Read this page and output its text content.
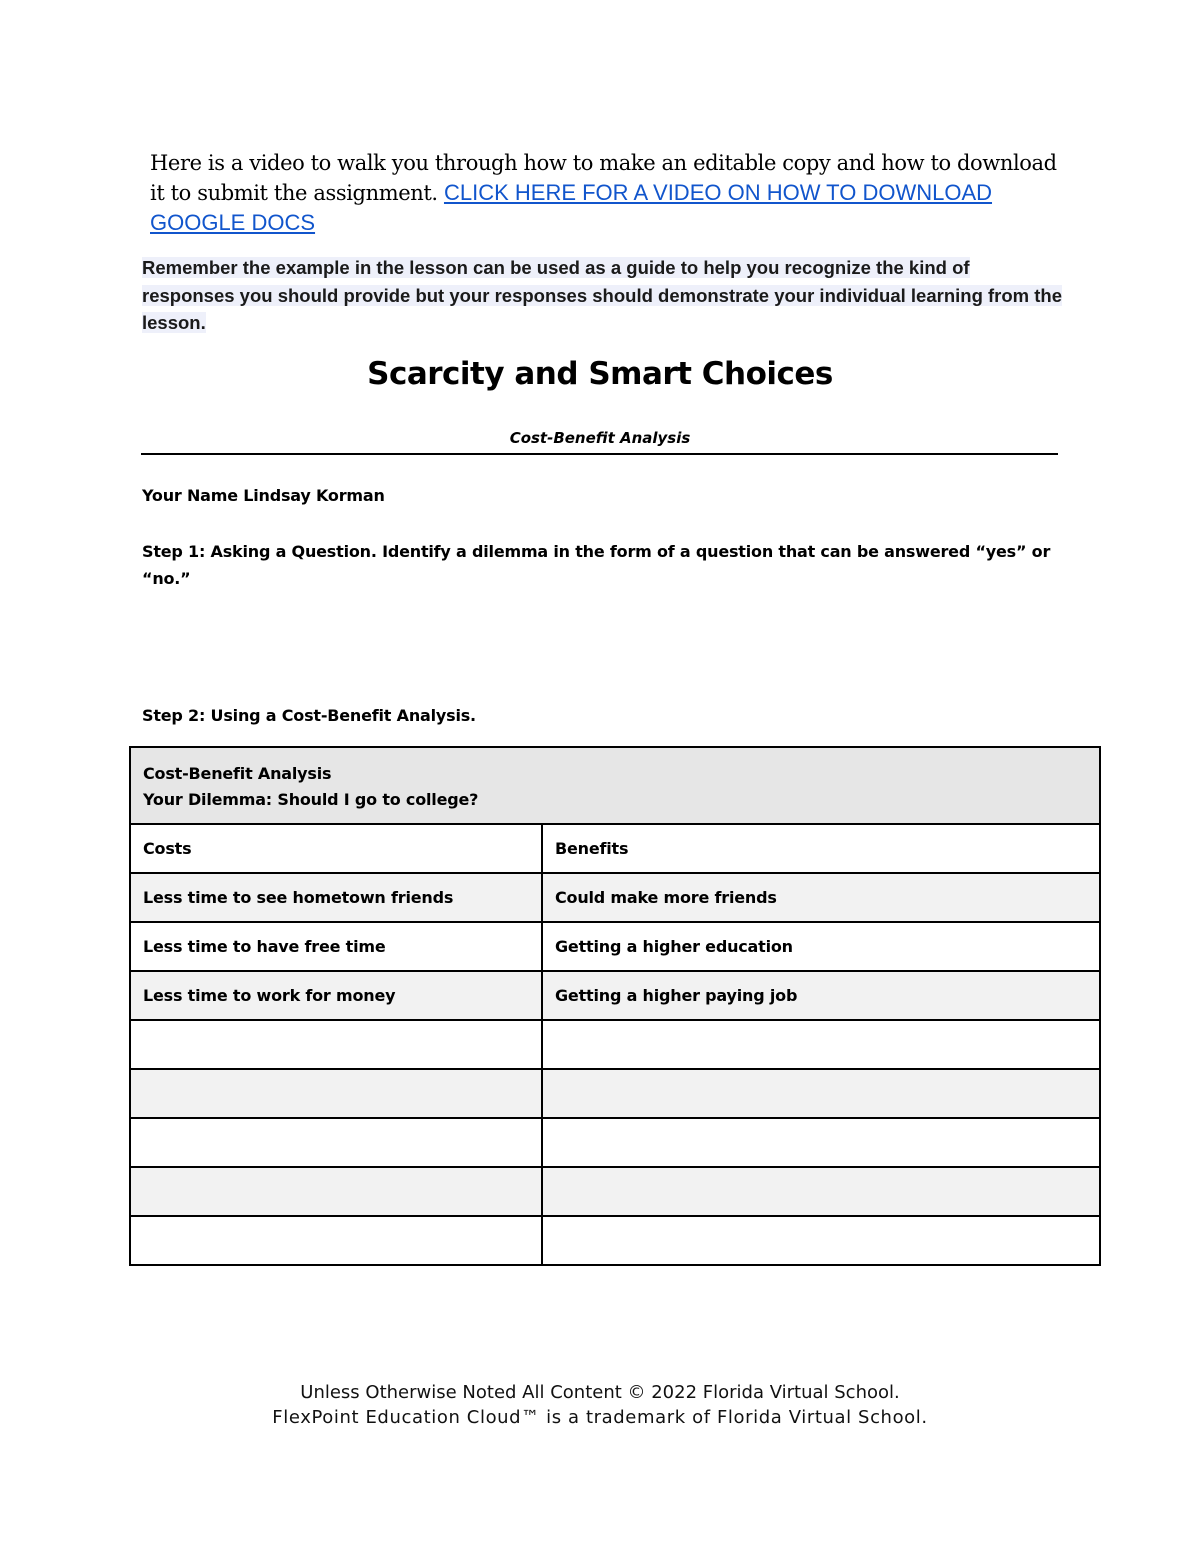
Here is a video to walk you through how to make an editable copy and how to download it to submit the assignment. CLICK HERE FOR A VIDEO ON HOW TO DOWNLOAD GOOGLE DOCS
Remember the example in the lesson can be used as a guide to help you recognize the kind of responses you should provide but your responses should demonstrate your individual learning from the lesson.
Scarcity and Smart Choices
Cost-Benefit Analysis
Your Name Lindsay Korman
Step 1: Asking a Question. Identify a dilemma in the form of a question that can be answered “yes” or “no.”
Step 2: Using a Cost-Benefit Analysis.
Cost-Benefit Analysis
Your Dilemma: Should I go to college?	

Costs	Benefits
Less time to see hometown friends	Could make more friends
Less time to have free time	Getting a higher education
Less time to work for money	Getting a higher paying job

Unless Otherwise Noted All Content © 2022 Florida Virtual School.
FlexPoint Education Cloud™ is a trademark of Florida Virtual School.
